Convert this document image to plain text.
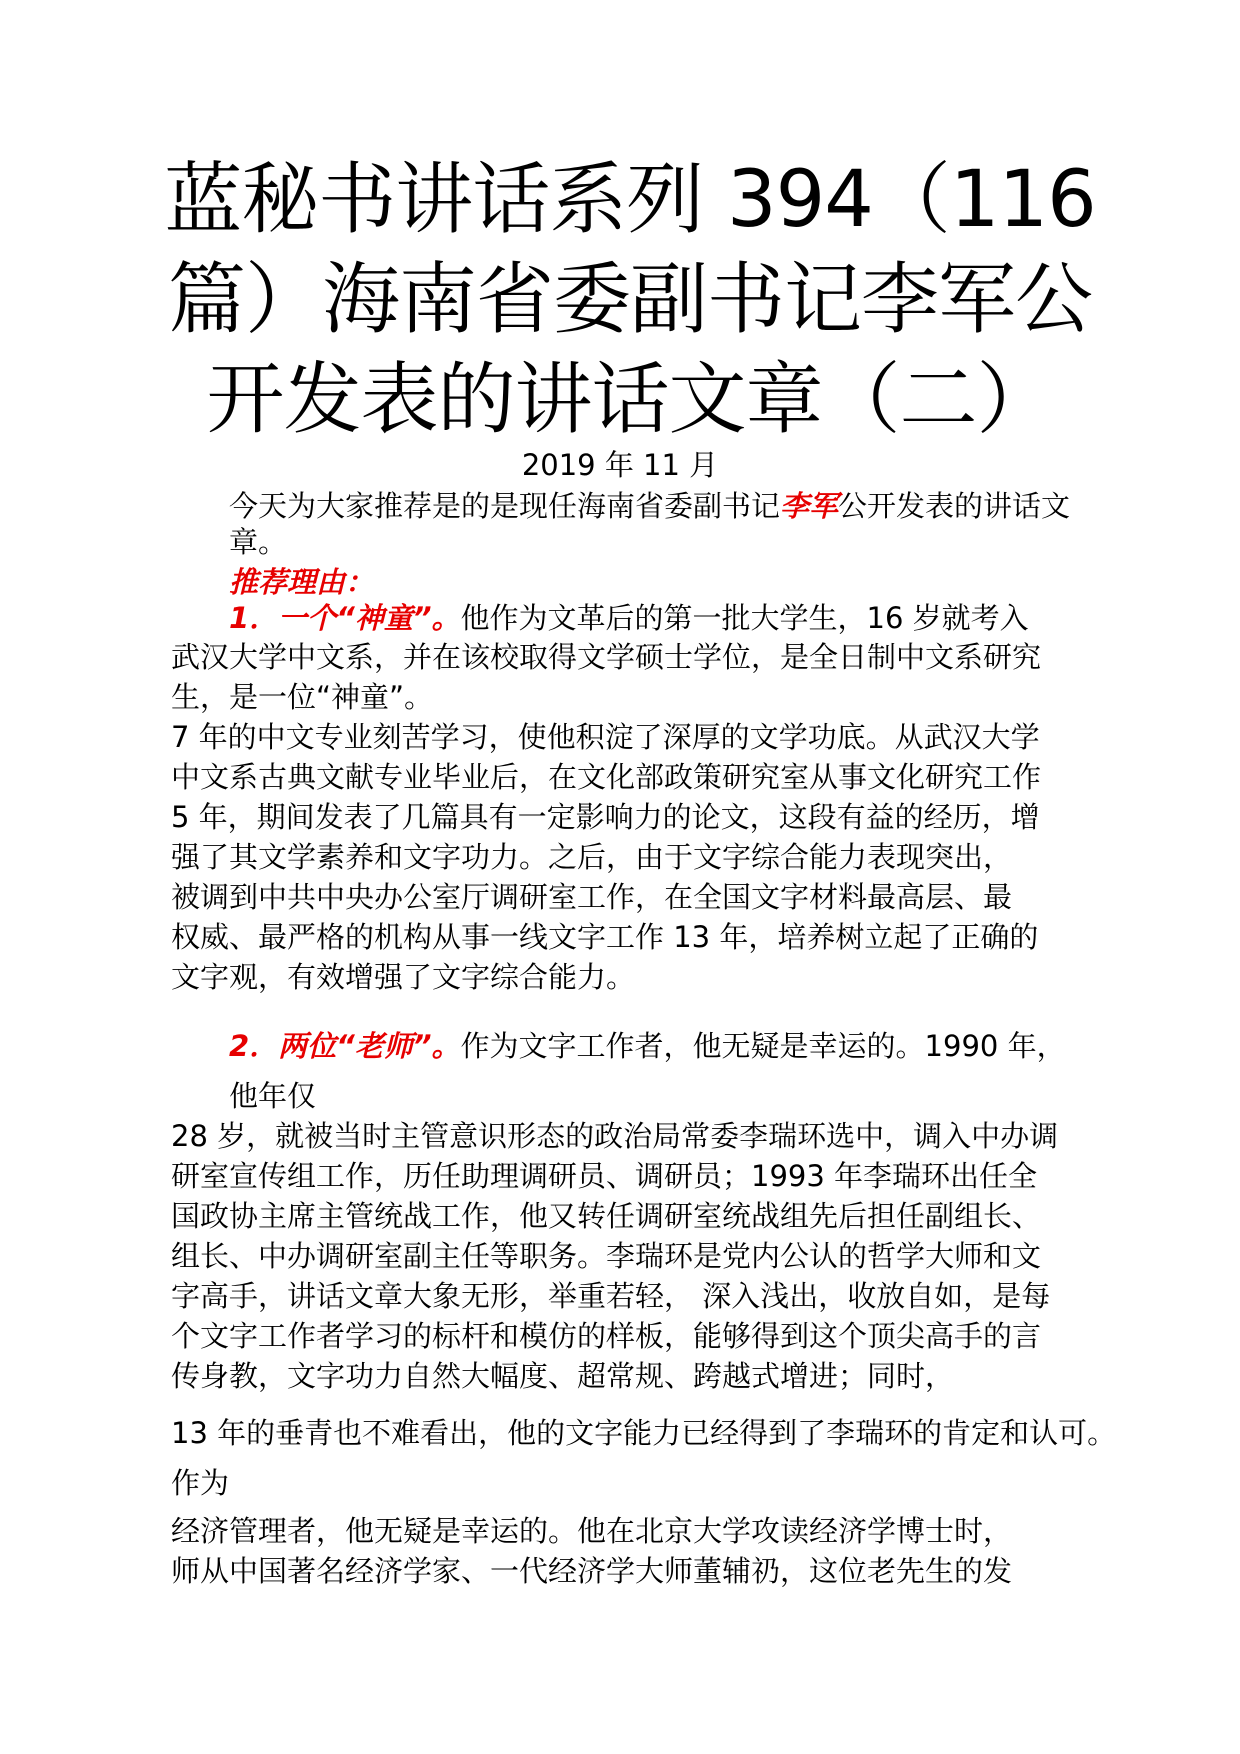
蓝秘书讲话系列 394（116
篇）海南省委副书记李军公
开发表的讲话文章（二）
2019 年 11 月
今天为大家推荐是的是现任海南省委副书记李军公开发表的讲话文
章。
推荐理由：
1．一个“神童”。他作为文革后的第一批大学生，16 岁就考入
武汉大学中文系，并在该校取得文学硕士学位，是全日制中文系研究
生，是一位“神童”。
7 年的中文专业刻苦学习，使他积淀了深厚的文学功底。从武汉大学
中文系古典文献专业毕业后，在文化部政策研究室从事文化研究工作
5 年，期间发表了几篇具有一定影响力的论文，这段有益的经历，增
强了其文学素养和文字功力。之后，由于文字综合能力表现突出，
被调到中共中央办公室厅调研室工作，在全国文字材料最高层、最
权威、最严格的机构从事一线文字工作 13 年，培养树立起了正确的
文字观，有效增强了文字综合能力。
2．两位“老师”。作为文字工作者，他无疑是幸运的。1990 年，
他年仅
28 岁，就被当时主管意识形态的政治局常委李瑞环选中，调入中办调
研室宣传组工作，历任助理调研员、调研员；1993 年李瑞环出任全
国政协主席主管统战工作，他又转任调研室统战组先后担任副组长、
组长、中办调研室副主任等职务。李瑞环是党内公认的哲学大师和文
字高手，讲话文章大象无形，举重若轻， 深入浅出，收放自如，是每
个文字工作者学习的标杆和模仿的样板，能够得到这个顶尖高手的言
传身教，文字功力自然大幅度、超常规、跨越式增进；同时，
13 年的垂青也不难看出，他的文字能力已经得到了李瑞环的肯定和认可。
作为
经济管理者，他无疑是幸运的。他在北京大学攻读经济学博士时，
师从中国著名经济学家、一代经济学大师董辅礽，这位老先生的发
